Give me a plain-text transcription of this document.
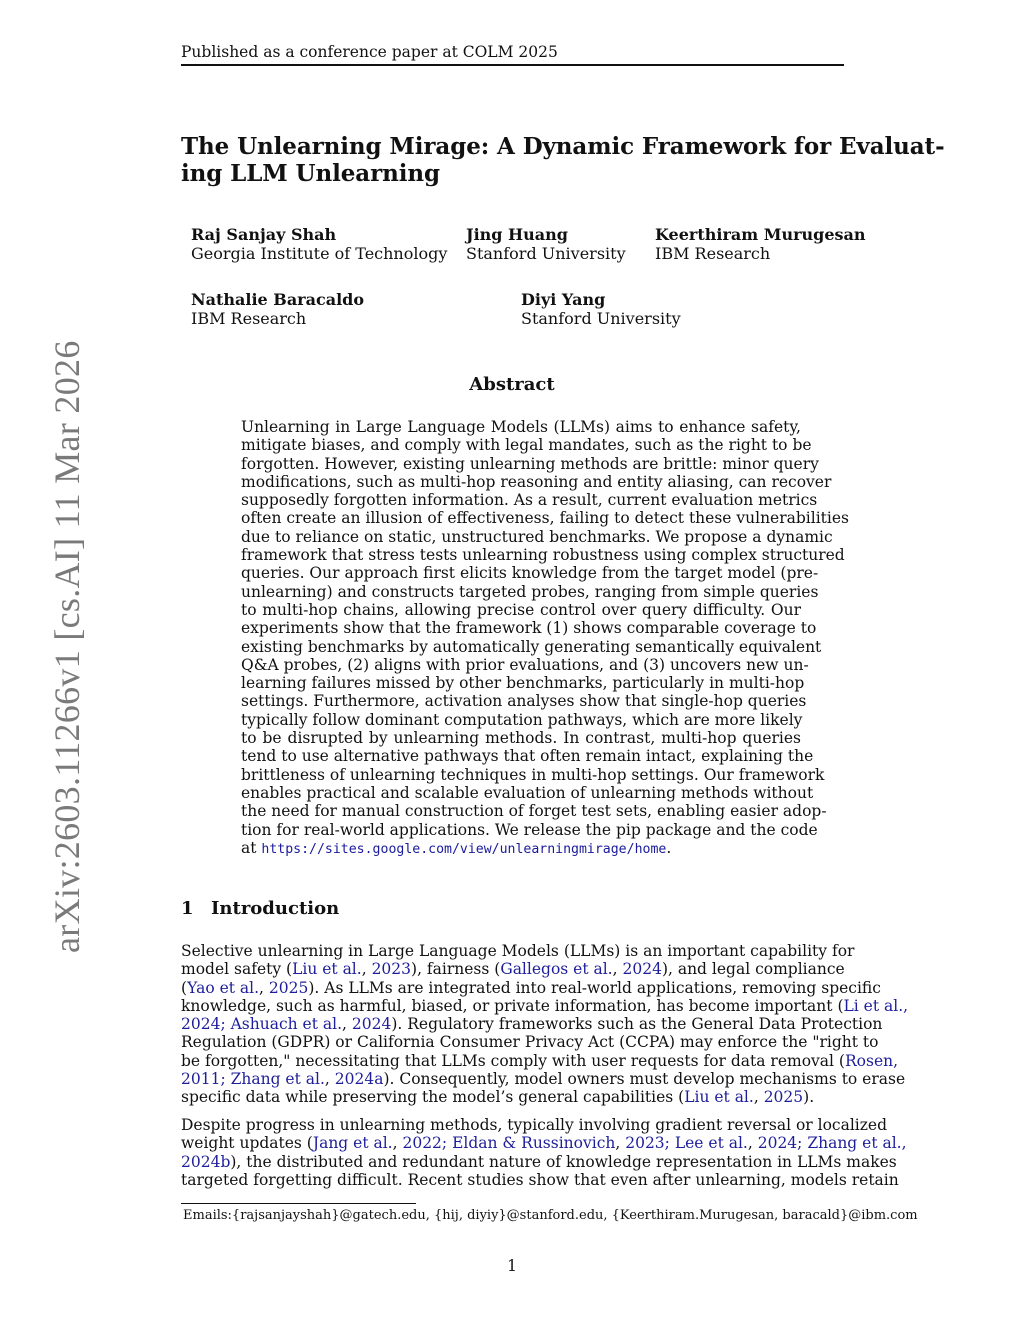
Published as a conference paper at COLM 2025
The Unlearning Mirage: A Dynamic Framework for Evaluat-
ing LLM Unlearning
Raj Sanjay Shah
Georgia Institute of Technology
Jing Huang
Stanford University
Keerthiram Murugesan
IBM Research
Nathalie Baracaldo
IBM Research
Diyi Yang
Stanford University
Abstract
Unlearning in Large Language Models (LLMs) aims to enhance safety,
mitigate biases, and comply with legal mandates, such as the right to be
forgotten. However, existing unlearning methods are brittle: minor query
modifications, such as multi-hop reasoning and entity aliasing, can recover
supposedly forgotten information. As a result, current evaluation metrics
often create an illusion of effectiveness, failing to detect these vulnerabilities
due to reliance on static, unstructured benchmarks. We propose a dynamic
framework that stress tests unlearning robustness using complex structured
queries. Our approach first elicits knowledge from the target model (pre-
unlearning) and constructs targeted probes, ranging from simple queries
to multi-hop chains, allowing precise control over query difficulty. Our
experiments show that the framework (1) shows comparable coverage to
existing benchmarks by automatically generating semantically equivalent
Q&A probes, (2) aligns with prior evaluations, and (3) uncovers new un-
learning failures missed by other benchmarks, particularly in multi-hop
settings. Furthermore, activation analyses show that single-hop queries
typically follow dominant computation pathways, which are more likely
to be disrupted by unlearning methods. In contrast, multi-hop queries
tend to use alternative pathways that often remain intact, explaining the
brittleness of unlearning techniques in multi-hop settings. Our framework
enables practical and scalable evaluation of unlearning methods without
the need for manual construction of forget test sets, enabling easier adop-
tion for real-world applications. We release the pip package and the code
at https://sites.google.com/view/unlearningmirage/home.
1 Introduction
Selective unlearning in Large Language Models (LLMs) is an important capability for
model safety (Liu et al., 2023), fairness (Gallegos et al., 2024), and legal compliance
(Yao et al., 2025). As LLMs are integrated into real-world applications, removing specific
knowledge, such as harmful, biased, or private information, has become important (Li et al.,
2024; Ashuach et al., 2024). Regulatory frameworks such as the General Data Protection
Regulation (GDPR) or California Consumer Privacy Act (CCPA) may enforce the "right to
be forgotten," necessitating that LLMs comply with user requests for data removal (Rosen,
2011; Zhang et al., 2024a). Consequently, model owners must develop mechanisms to erase
specific data while preserving the model’s general capabilities (Liu et al., 2025).
Despite progress in unlearning methods, typically involving gradient reversal or localized
weight updates (Jang et al., 2022; Eldan & Russinovich, 2023; Lee et al., 2024; Zhang et al.,
2024b), the distributed and redundant nature of knowledge representation in LLMs makes
targeted forgetting difficult. Recent studies show that even after unlearning, models retain
Emails:{rajsanjayshah}@gatech.edu, {hij, diyiy}@stanford.edu, {Keerthiram.Murugesan, baracald}@ibm.com
1
arXiv:2603.11266v1 [cs.AI] 11 Mar 2026
